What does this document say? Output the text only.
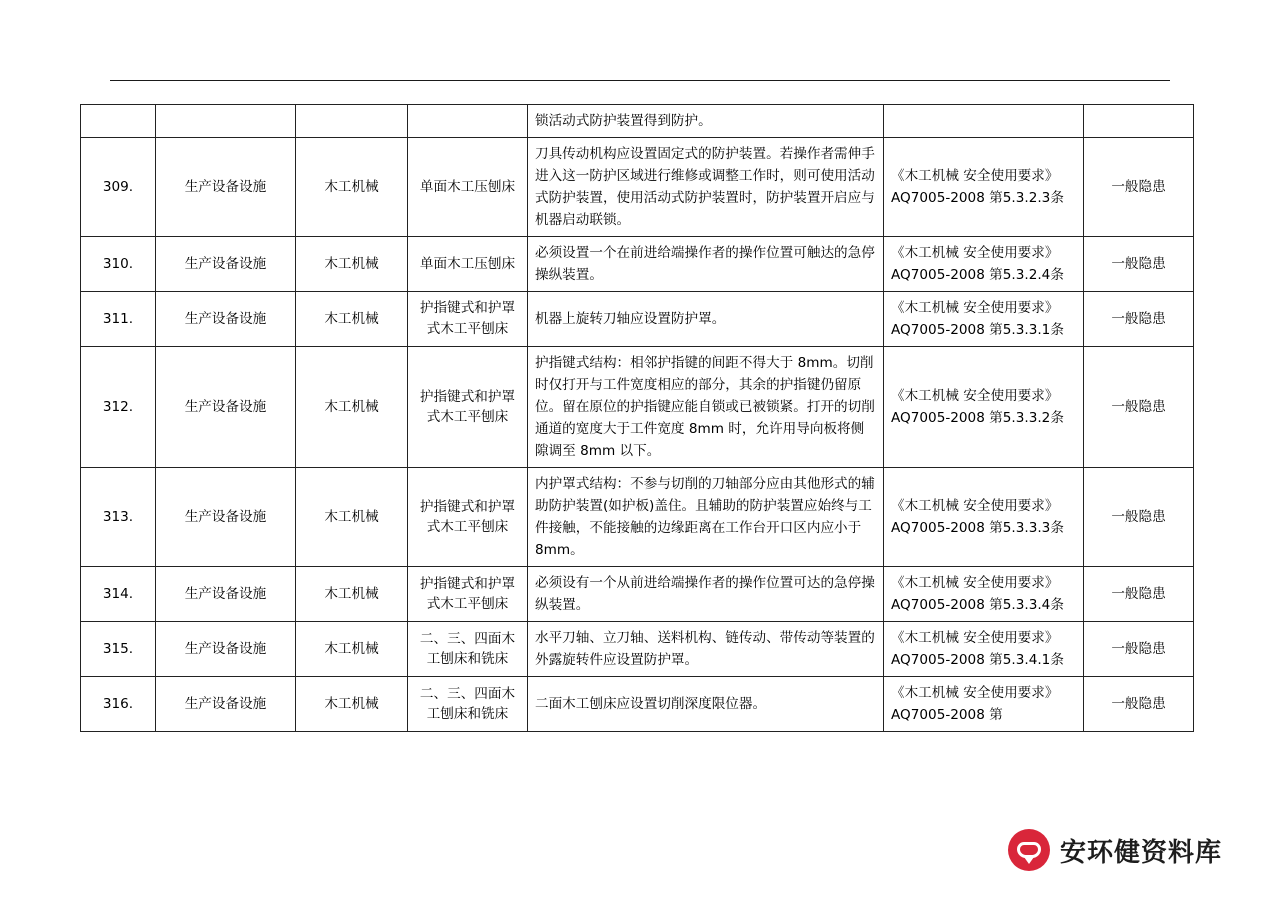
				锁活动式防护装置得到防护。		
309.	生产设备设施	木工机械	单面木工压刨床	刀具传动机构应设置固定式的防护装置。若操作者需伸手进入这一防护区域进行维修或调整工作时，则可使用活动式防护装置，使用活动式防护装置时，防护装置开启应与机器启动联锁。	《木工机械 安全使用要求》AQ7005-2008 第5.3.2.3条	一般隐患
310.	生产设备设施	木工机械	单面木工压刨床	必须设置一个在前进给端操作者的操作位置可触达的急停操纵装置。	《木工机械 安全使用要求》AQ7005-2008 第5.3.2.4条	一般隐患
311.	生产设备设施	木工机械	护指键式和护罩式木工平刨床	机器上旋转刀轴应设置防护罩。	《木工机械 安全使用要求》AQ7005-2008 第5.3.3.1条	一般隐患
312.	生产设备设施	木工机械	护指键式和护罩式木工平刨床	护指键式结构：相邻护指键的间距不得大于 8mm。切削时仅打开与工件宽度相应的部分，其余的护指键仍留原位。留在原位的护指键应能自锁或已被锁紧。打开的切削通道的宽度大于工件宽度 8mm 时，允许用导向板将侧隙调至 8mm 以下。	《木工机械 安全使用要求》AQ7005-2008 第5.3.3.2条	一般隐患
313.	生产设备设施	木工机械	护指键式和护罩式木工平刨床	内护罩式结构：不参与切削的刀轴部分应由其他形式的辅助防护装置(如护板)盖住。且辅助的防护装置应始终与工件接触，不能接触的边缘距离在工作台开口区内应小于 8mm。	《木工机械 安全使用要求》AQ7005-2008 第5.3.3.3条	一般隐患
314.	生产设备设施	木工机械	护指键式和护罩式木工平刨床	必须设有一个从前进给端操作者的操作位置可达的急停操纵装置。	《木工机械 安全使用要求》AQ7005-2008 第5.3.3.4条	一般隐患
315.	生产设备设施	木工机械	二、三、四面木工刨床和铣床	水平刀轴、立刀轴、送料机构、链传动、带传动等装置的外露旋转件应设置防护罩。	《木工机械 安全使用要求》AQ7005-2008 第5.3.4.1条	一般隐患
316.	生产设备设施	木工机械	二、三、四面木工刨床和铣床	二面木工刨床应设置切削深度限位器。	《木工机械 安全使用要求》AQ7005-2008 第	一般隐患
安环健资料库
